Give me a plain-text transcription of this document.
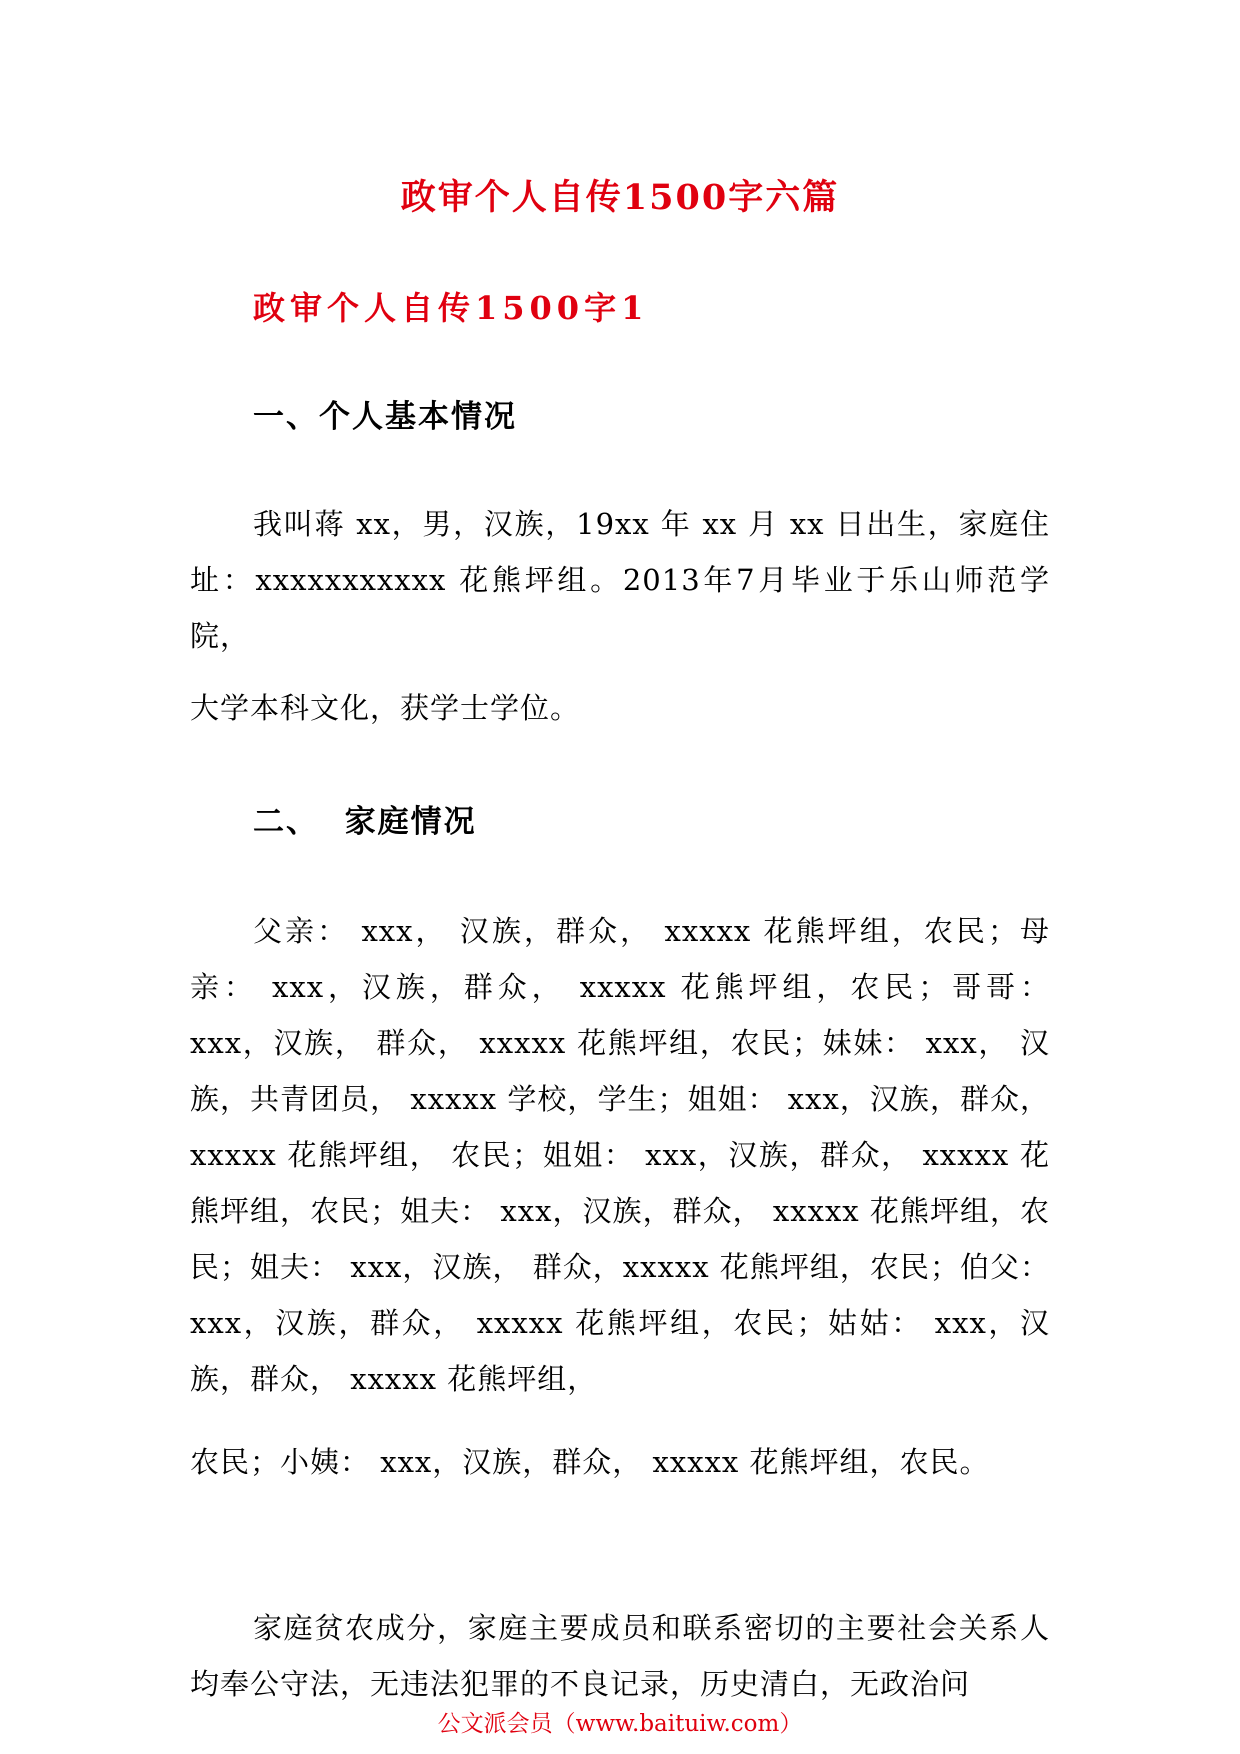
政审个人自传1500字六篇
政审个人自传1500字1
一、个人基本情况

我叫蒋 xx，男，汉族，19xx 年 xx 月 xx 日出生，家庭住 址：xxxxxxxxxxx 花熊坪组。2013年7月毕业于乐山师范学院，

大学本科文化，获学士学位。

二、  家庭情况

父亲： xxx， 汉族，群众， xxxxx 花熊坪组，农民；母亲： xxx，汉族，群众， xxxxx 花熊坪组，农民；哥哥： xxx，汉族， 群众， xxxxx 花熊坪组，农民；妹妹： xxx， 汉族，共青团员， xxxxx 学校，学生；姐姐： xxx，汉族，群众，xxxxx 花熊坪组， 农民；姐姐： xxx，汉族，群众， xxxxx 花熊坪组，农民；姐夫： xxx，汉族，群众， xxxxx 花熊坪组，农民；姐夫： xxx，汉族， 群众，xxxxx 花熊坪组，农民；伯父： xxx，汉族，群众， xxxxx 花熊坪组，农民；姑姑： xxx，汉族，群众， xxxxx 花熊坪组，

农民；小姨： xxx，汉族，群众， xxxxx 花熊坪组，农民。

家庭贫农成分，家庭主要成员和联系密切的主要社会关系人均奉公守法，无违法犯罪的不良记录，历史清白，无政治问

公文派会员（www.baituiw.com）
